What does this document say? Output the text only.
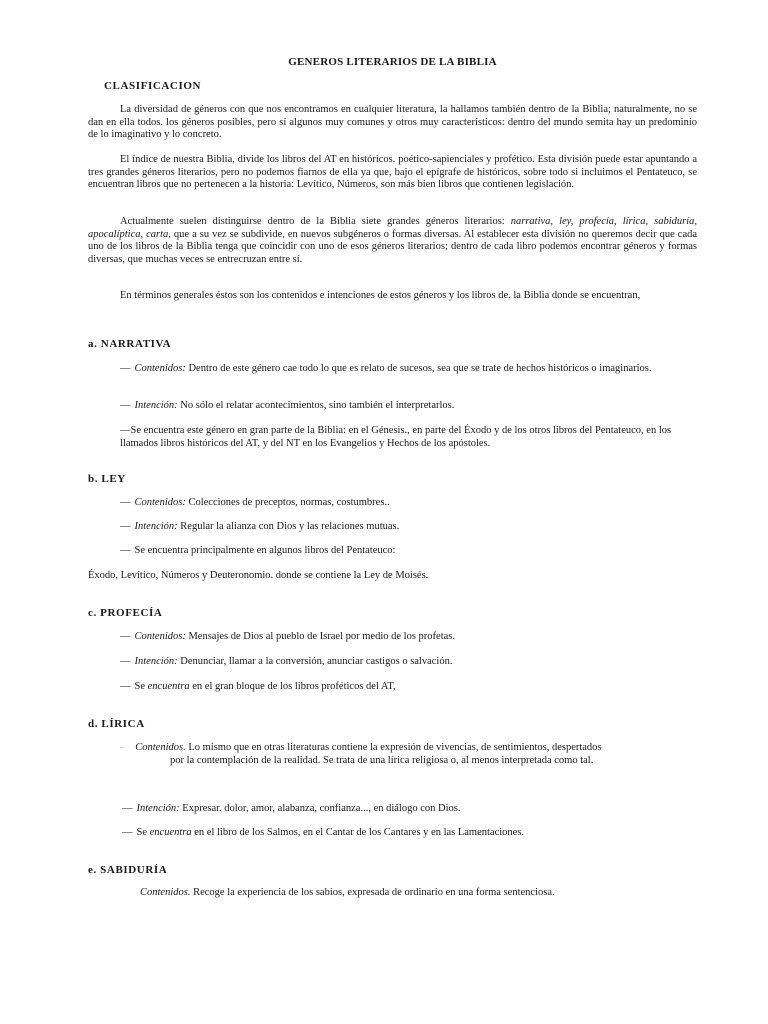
GENEROS LITERARIOS DE LA BIBLIA
CLASIFICACION
La diversidad de géneros con que nos encontramos en cualquier literatura, la hallamos también dentro de la Biblia; naturalmente, no se dan en ella todos. los géneros posibles, pero sí algunos muy comunes y otros muy característicos: dentro del mundo semita hay un predominio de lo imaginativo y lo concreto.
El índice de nuestra Biblia, divide los libros del AT en históricos. poético-sapienciales y profético. Esta división puede estar apuntando a tres grandes géneros literarios, pero no podemos fiarnos de ella ya que, bajo el epígrafe de históricos, sobre todo si incluimos el Pentateuco, se encuentran libros que no pertenecen a la historia: Levítico, Números, son más bien libros que contienen legislación.
Actualmente suelen distinguirse dentro de la Biblia siete grandes géneros literarios: narrativa, ley, profecía, lírica, sabiduría, apocalíptica, carta, que a su vez se subdivide, en nuevos subgéneros o formas diversas. Al establecer esta división no queremos decir que cada uno de los libros de la Biblia tenga que coincidir con uno de esos géneros literarios; dentro de cada libro podemos encontrar géneros y formas diversas, que muchas veces se entrecruzan entre sí.
En términos generales éstos son los contenidos e intenciones de estos géneros y los libros de. la Biblia donde se encuentran,
a. NARRATIVA
— Contenidos: Dentro de este género cae todo lo que es relato de sucesos, sea que se trate de hechos históricos o imaginarios.
— Intención: No sólo el relatar acontecimientos, sino también el interpretarlos.
—Se encuentra este género en gran parte de la Biblia: en el Génesis., en parte del Éxodo y de los otros libros del Pentateuco, en los llamados libros históricos del AT, y del NT en los Evangelios y Hechos de los apóstoles.
b. LEY
— Contenidos: Colecciones de preceptos, normas, costumbres..
— Intención: Regular la alianza con Dios y las relaciones mutuas.
— Se encuentra principalmente en algunos libros del Pentateuco:
Éxodo, Levítico, Números y Deuteronomio. donde se contiene la Ley de Moisés.
c. PROFECÍA
— Contenidos: Mensajes de Dios al pueblo de Israel por medio de los profetas.
— Intención: Denunciar, llamar a la conversión, anunciar castigos o salvación.
— Se encuentra en el gran bloque de los libros proféticos del AT,
d. LÍRICA
– Contenidos. Lo mismo que en otras literaturas contiene la expresión de vivencias, de sentimientos, despertados
por la contemplación de la realidad. Se trata de una lírica religiosa o, al menos interpretada como tal.
— Intención: Expresar. dolor, amor, alabanza, confianza..., en diálogo con Dios.
— Se encuentra en el libro de los Salmos, en el Cantar de los Cantares y en las Lamentaciones.
e. SABIDURÍA
Contenidos. Recoge la experiencia de los sabios, expresada de ordinario en una forma sentenciosa.
